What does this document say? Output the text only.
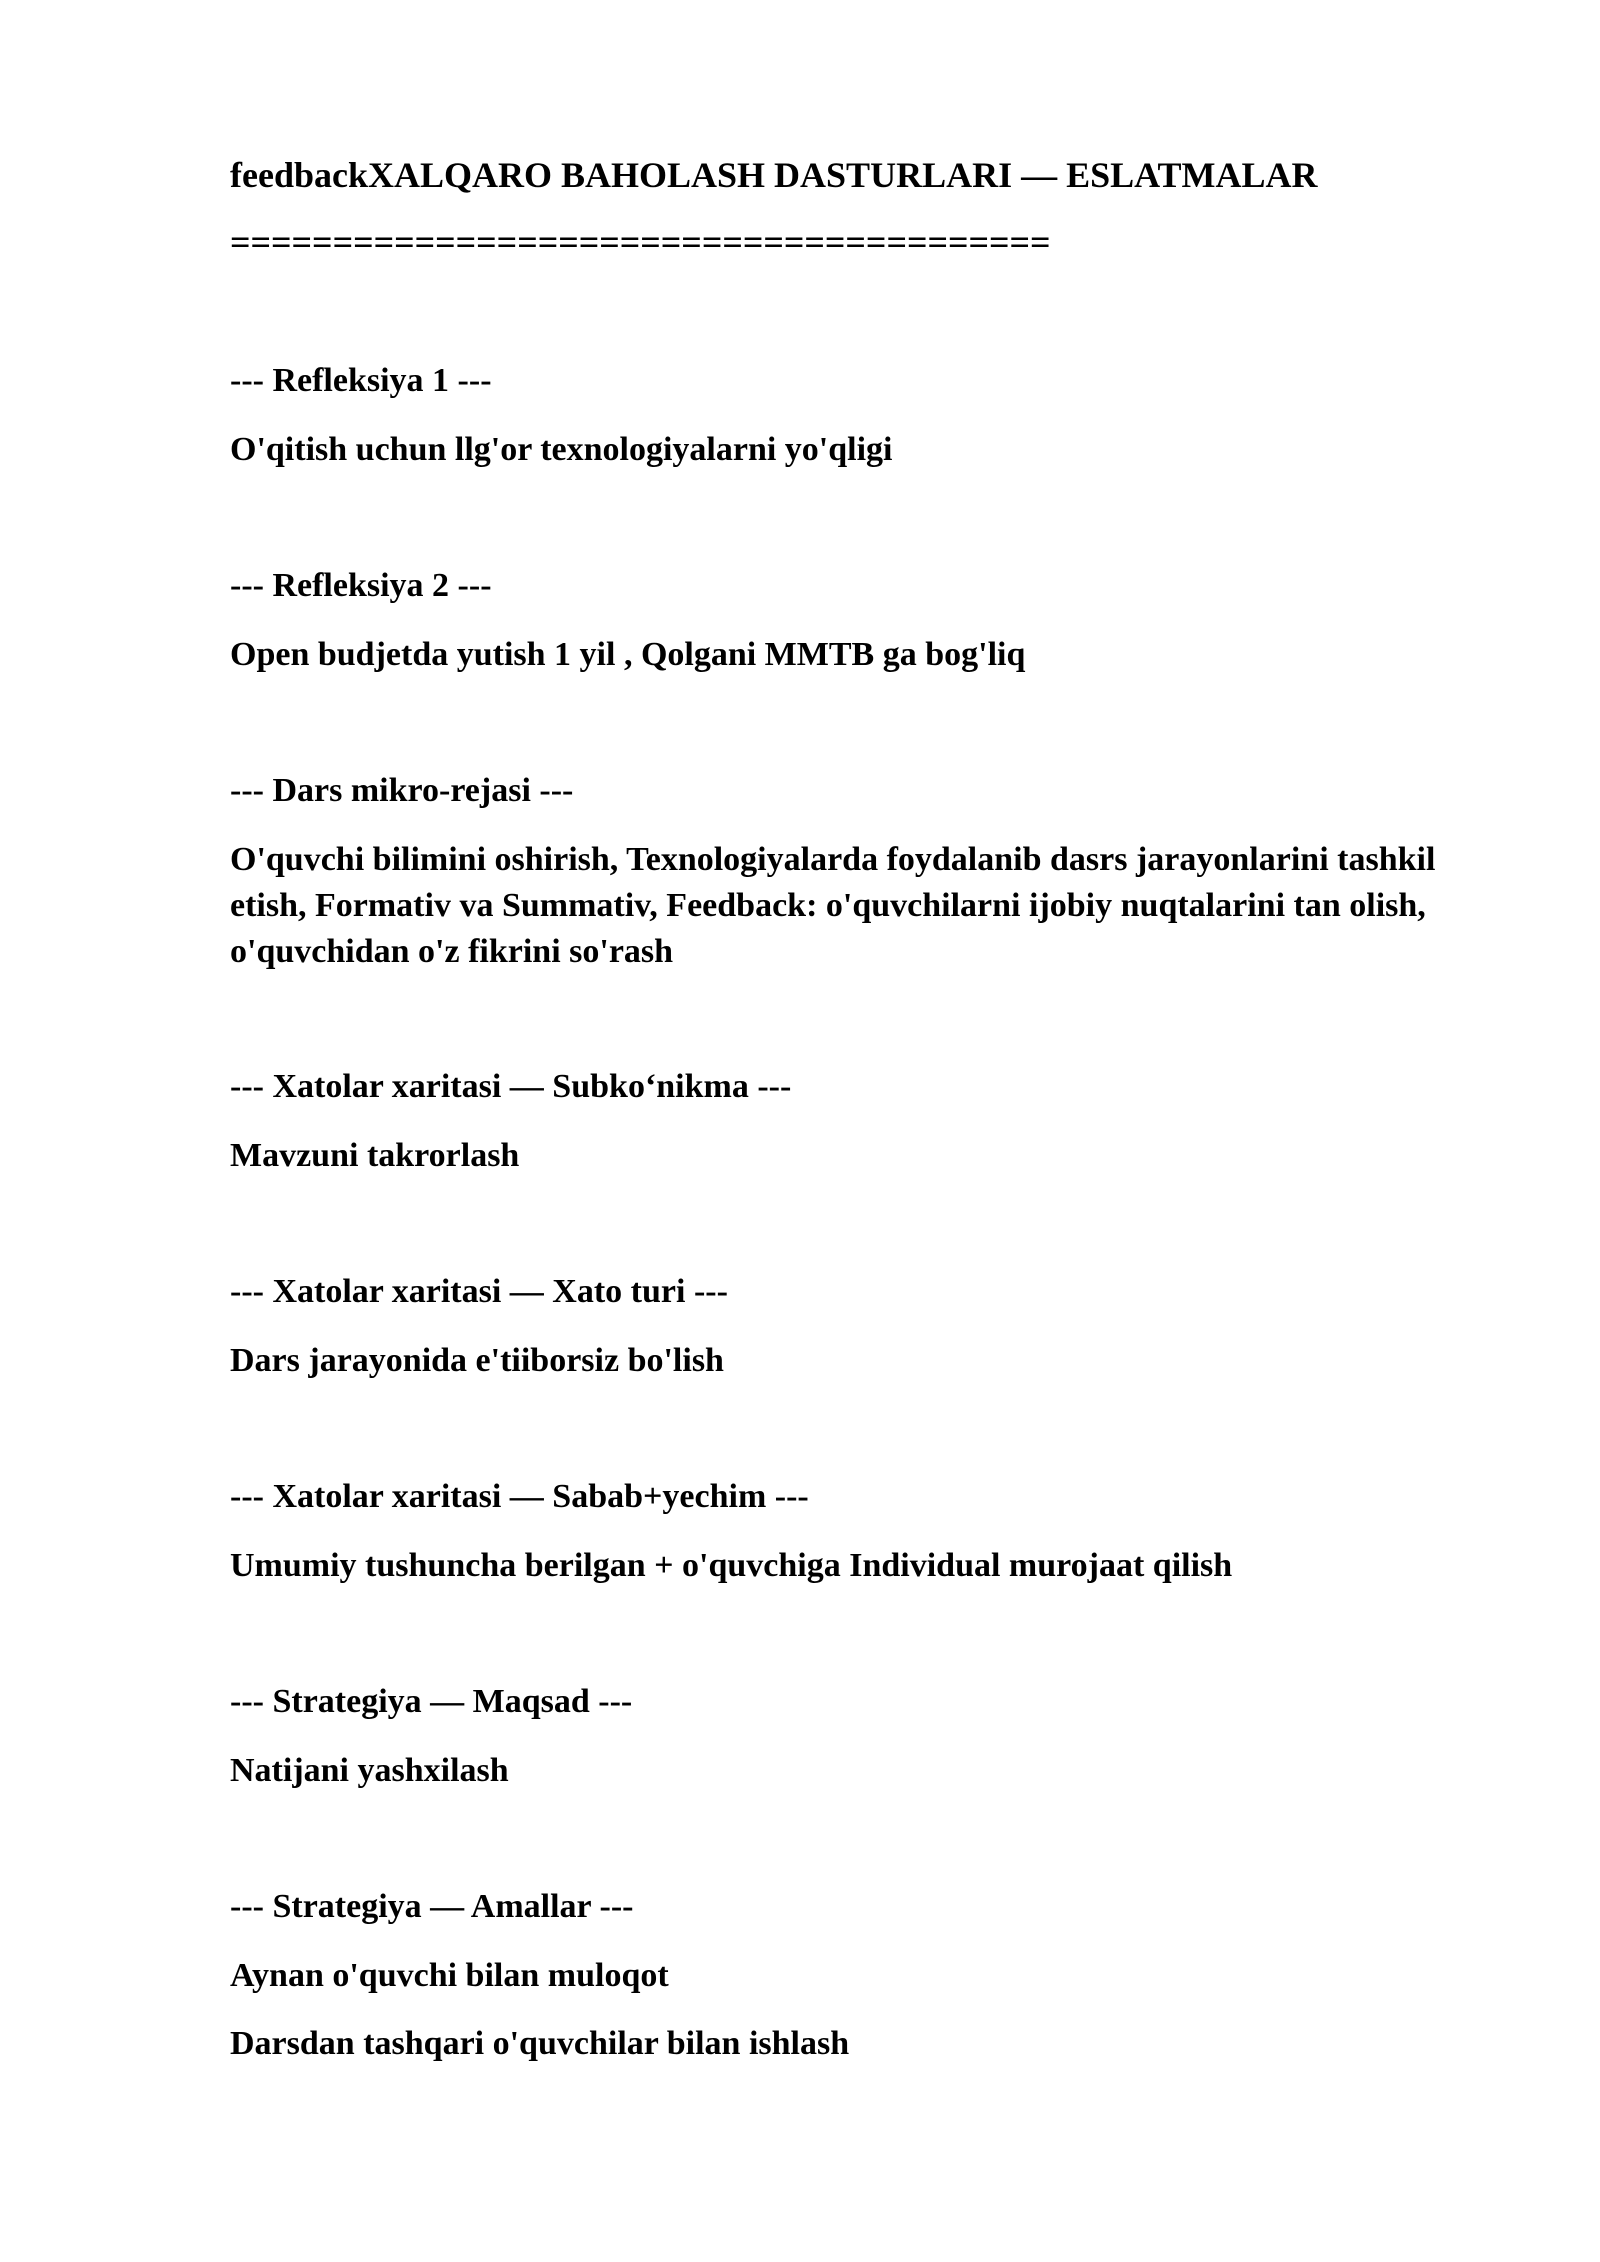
feedbackXALQARO BAHOLASH DASTURLARI — ESLATMALAR
========================================
--- Refleksiya 1 ---
O'qitish uchun llg'or texnologiyalarni yo'qligi
--- Refleksiya 2 ---
Open budjetda yutish 1 yil , Qolgani MMTB ga bog'liq
--- Dars mikro-rejasi ---
O'quvchi bilimini oshirish, Texnologiyalarda foydalanib dasrs jarayonlarini tashkil etish, Formativ va Summativ, Feedback: o'quvchilarni ijobiy nuqtalarini tan olish, o'quvchidan o'z fikrini so'rash
--- Xatolar xaritasi — Subko‘nikma ---
Mavzuni takrorlash
--- Xatolar xaritasi — Xato turi ---
Dars jarayonida e'tiiborsiz bo'lish
--- Xatolar xaritasi — Sabab+yechim ---
Umumiy tushuncha berilgan + o'quvchiga Individual murojaat qilish
--- Strategiya — Maqsad ---
Natijani yashxilash
--- Strategiya — Amallar ---
Aynan o'quvchi bilan muloqot
Darsdan tashqari o'quvchilar bilan ishlash
